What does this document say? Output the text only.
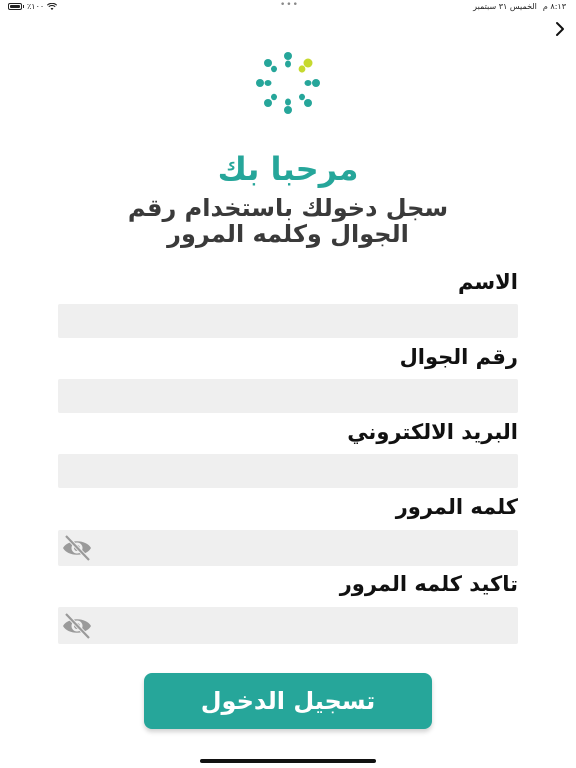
٪١٠٠	•••	٨:١٣ م
الخميس ٣١ سبتمبر
مرحبا بك
سجل دخولك باستخدام رقم الجوال وكلمه المرور
الاسم
رقم الجوال
البريد الالكتروني
كلمه المرور
تاكيد كلمه المرور
تسجيل الدخول
